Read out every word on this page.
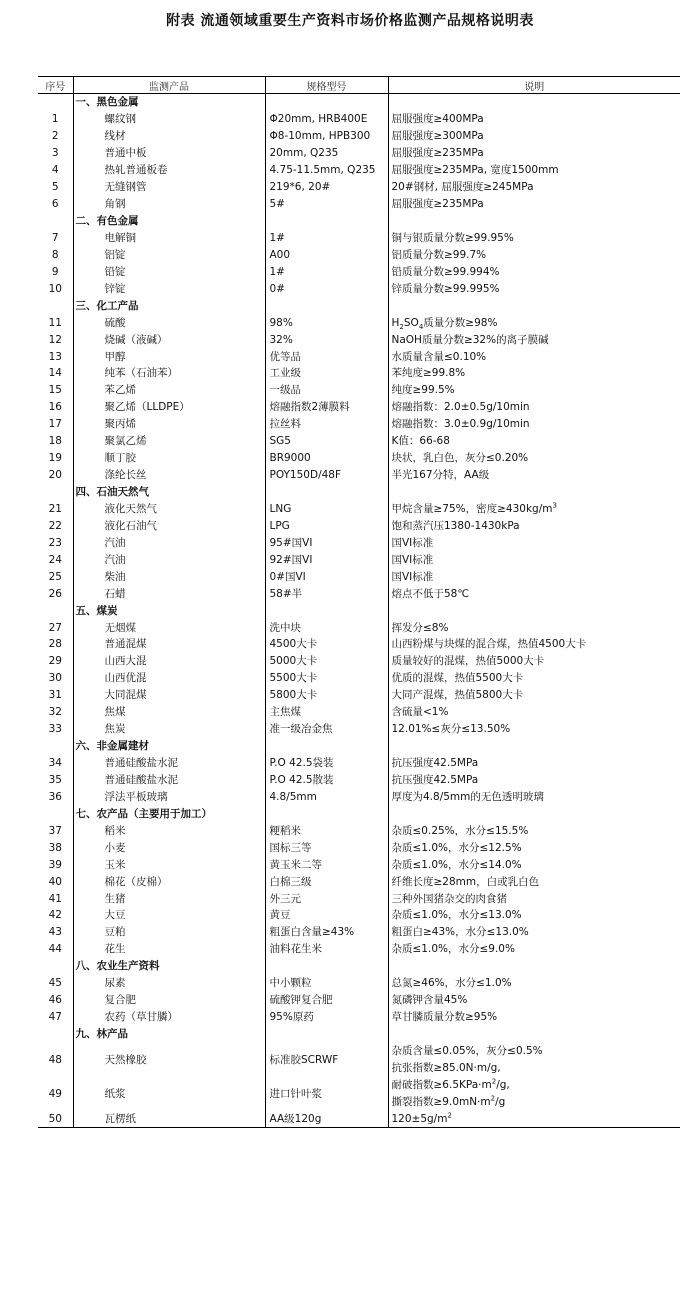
附表 流通领域重要生产资料市场价格监测产品规格说明表
序号	监测产品	规格型号	说明
	一、黑色金属		
1	螺纹钢	Φ20mm, HRB400E	屈服强度≥400MPa
2	线材	Φ8-10mm, HPB300	屈服强度≥300MPa
3	普通中板	20mm, Q235	屈服强度≥235MPa
4	热轧普通板卷	4.75-11.5mm, Q235	屈服强度≥235MPa, 宽度1500mm
5	无缝钢管	219*6, 20#	20#钢材, 屈服强度≥245MPa
6	角钢	5#	屈服强度≥235MPa
	二、有色金属		
7	电解铜	1#	铜与银质量分数≥99.95%
8	铝锭	A00	铝质量分数≥99.7%
9	铅锭	1#	铅质量分数≥99.994%
10	锌锭	0#	锌质量分数≥99.995%
	三、化工产品		
11	硫酸	98%	$H_2SO_4$质量分数≥98%
12	烧碱（液碱）	32%	NaOH质量分数≥32%的离子膜碱
13	甲醇	优等品	水质量含量≤0.10%
14	纯苯（石油苯）	工业级	苯纯度≥99.8%
15	苯乙烯	一级品	纯度≥99.5%
16	聚乙烯（LLDPE）	熔融指数2薄膜料	熔融指数：2.0±0.5g/10min
17	聚丙烯	拉丝料	熔融指数：3.0±0.9g/10min
18	聚氯乙烯	SG5	K值：66-68
19	顺丁胶	BR9000	块状，乳白色，灰分≤0.20%
20	涤纶长丝	POY150D/48F	半光167分特，AA级
	四、石油天然气		
21	液化天然气	LNG	甲烷含量≥75%，密度$\ge 430kg/m^3$
22	液化石油气	LPG	饱和蒸汽压1380-1430kPa
23	汽油	95#国VI	国VI标准
24	汽油	92#国VI	国VI标准
25	柴油	0#国VI	国VI标准
26	石蜡	58#半	熔点不低于58℃
	五、煤炭		
27	无烟煤	洗中块	挥发分≤8%
28	普通混煤	4500大卡	山西粉煤与块煤的混合煤，热值4500大卡
29	山西大混	5000大卡	质量较好的混煤，热值5000大卡
30	山西优混	5500大卡	优质的混煤，热值5500大卡
31	大同混煤	5800大卡	大同产混煤，热值5800大卡
32	焦煤	主焦煤	含硫量<1%
33	焦炭	准一级冶金焦	12.01%≤灰分≤13.50%
	六、非金属建材		
34	普通硅酸盐水泥	P.O 42.5袋装	抗压强度42.5MPa
35	普通硅酸盐水泥	P.O 42.5散装	抗压强度42.5MPa
36	浮法平板玻璃	4.8/5mm	厚度为4.8/5mm的无色透明玻璃
	七、农产品（主要用于加工）		
37	稻米	粳稻米	杂质≤0.25%，水分≤15.5%
38	小麦	国标三等	杂质≤1.0%，水分≤12.5%
39	玉米	黄玉米二等	杂质≤1.0%，水分≤14.0%
40	棉花（皮棉）	白棉三级	纤维长度≥28mm，白或乳白色
41	生猪	外三元	三种外国猪杂交的肉食猪
42	大豆	黄豆	杂质≤1.0%，水分≤13.0%
43	豆粕	粗蛋白含量≥43%	粗蛋白≥43%，水分≤13.0%
44	花生	油料花生米	杂质≤1.0%，水分≤9.0%
	八、农业生产资料		
45	尿素	中小颗粒	总氮≥46%，水分≤1.0%
46	复合肥	硫酸钾复合肥	氮磷钾含量45%
47	农药（草甘膦）	95%原药	草甘膦质量分数≥95%
	九、林产品		
48	天然橡胶	标准胶SCRWF	杂质含量≤0.05%，灰分≤0.5%
抗张指数≥85.0N·m/g,
49	纸浆	进口针叶浆	耐破指数$\ge 6.5KPa\cdot m^2/g$,
撕裂指数$\ge 9.0mN\cdot m^2/g$
50	瓦楞纸	AA级120g	$120\pm 5g/m^2$
